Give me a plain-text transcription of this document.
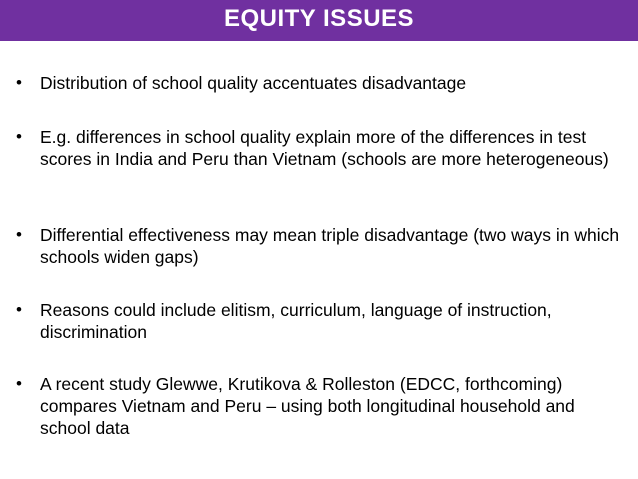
EQUITY ISSUES
• Distribution of school quality accentuates disadvantage
• E.g. differences in school quality explain more of the differences in test scores in India and Peru than Vietnam (schools are more heterogeneous)
• Differential effectiveness may mean triple disadvantage (two ways in which schools widen gaps)
• Reasons could include elitism, curriculum, language of instruction, discrimination
• A recent study Glewwe, Krutikova & Rolleston (EDCC, forthcoming) compares Vietnam and Peru – using both longitudinal household and school data
